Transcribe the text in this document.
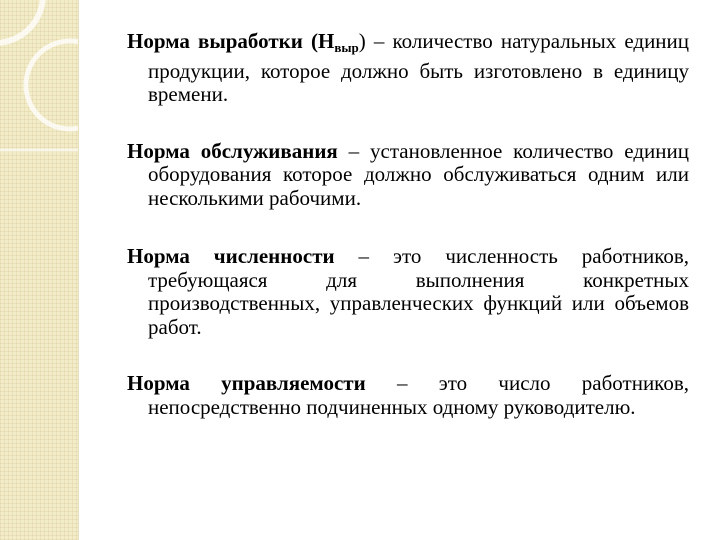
Норма выработки $(Н_{выр})$ – количество натуральных единиц продукции, которое должно быть изготовлено в единицу времени.

Норма обслуживания – установленное количество единиц оборудования которое должно обслуживаться одним или несколькими рабочими.

Норма численности – это численность работников, требующаяся для выполнения конкретных производственных, управленческих функций или объемов работ.

Норма управляемости – это число работников, непосредственно подчиненных одному руководителю.
